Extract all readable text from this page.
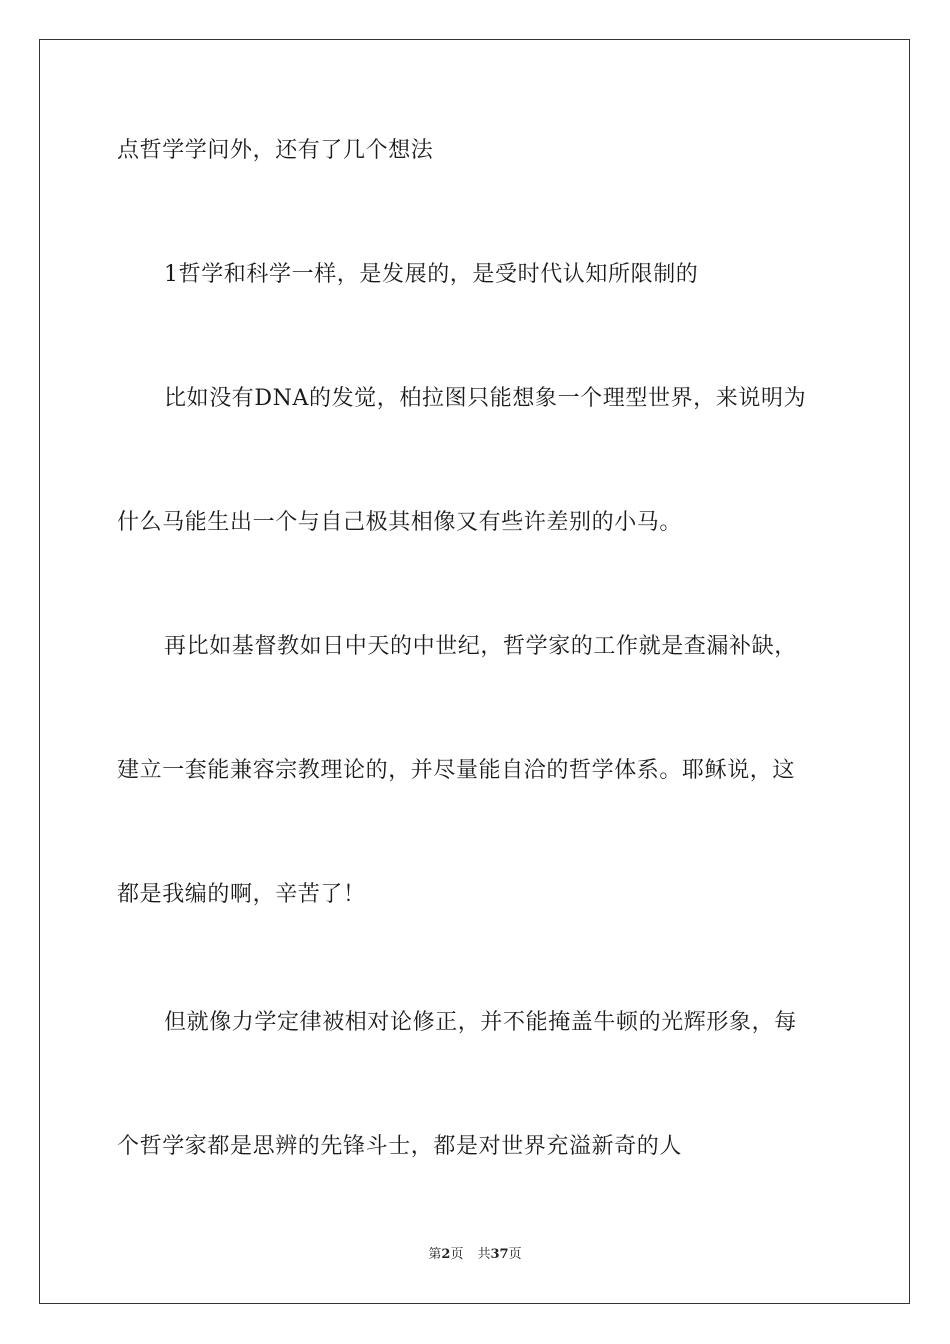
点哲学学问外，还有了几个想法
1哲学和科学一样，是发展的，是受时代认知所限制的
比如没有DNA的发觉，柏拉图只能想象一个理型世界，来说明为
什么马能生出一个与自己极其相像又有些许差别的小马。
再比如基督教如日中天的中世纪，哲学家的工作就是查漏补缺，
建立一套能兼容宗教理论的，并尽量能自洽的哲学体系。耶稣说，这
都是我编的啊，辛苦了！
但就像力学定律被相对论修正，并不能掩盖牛顿的光辉形象，每
个哲学家都是思辨的先锋斗士，都是对世界充溢新奇的人
第2页 共37页
